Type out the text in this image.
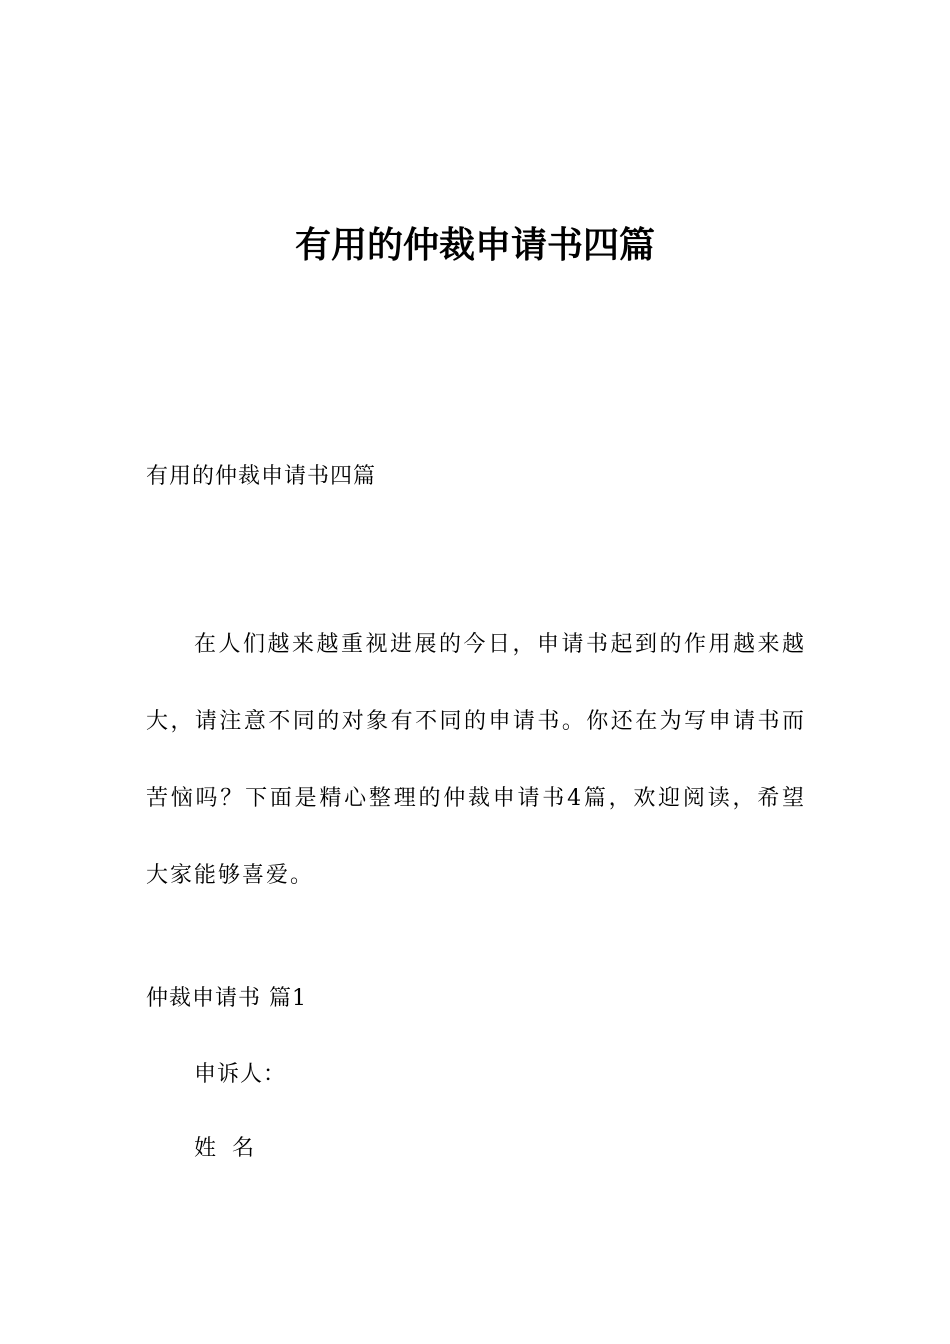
有用的仲裁申请书四篇
有用的仲裁申请书四篇
在人们越来越重视进展的今日，申请书起到的作用越来越大，请注意不同的对象有不同的申请书。你还在为写申请书而苦恼吗？下面是精心整理的仲裁申请书4篇，欢迎阅读，希望大家能够喜爱。
仲裁申请书 篇1
申诉人：
姓名
